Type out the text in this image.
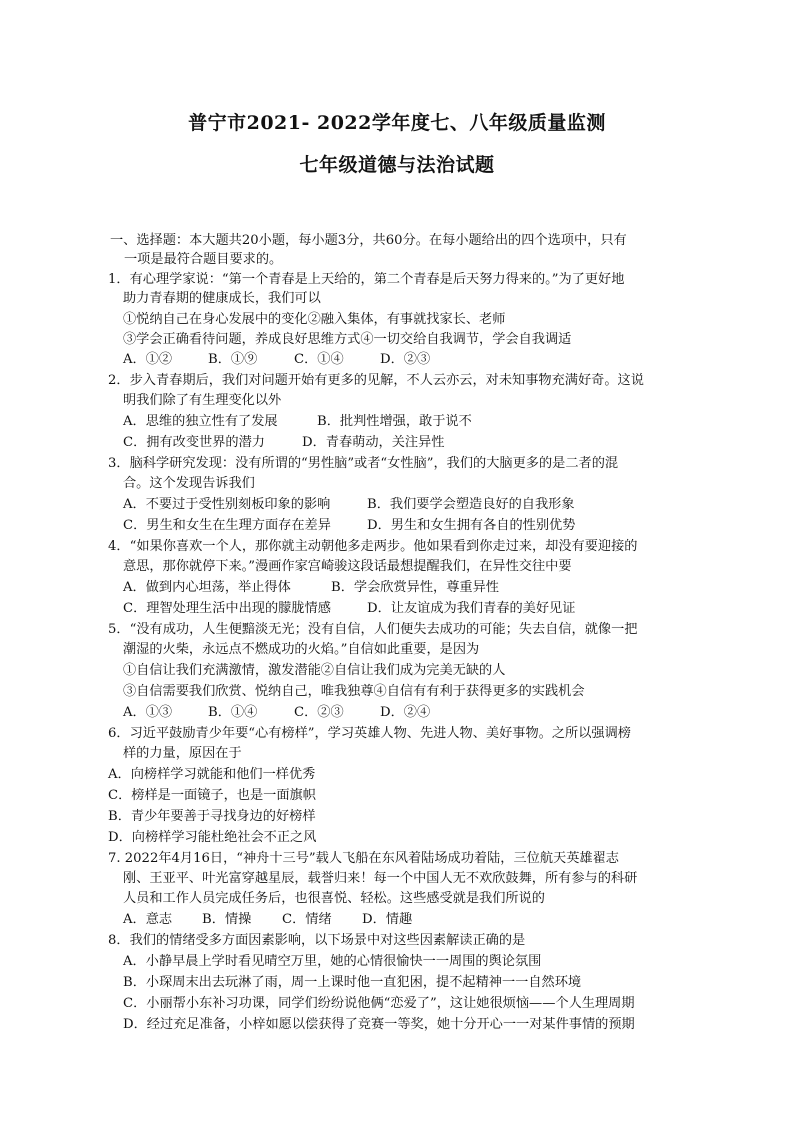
普宁市2021- 2022学年度七、八年级质量监测
七年级道德与法治试题
一、选择题：本大题共20小题，每小题3分，共60分。在每小题给出的四个选项中，只有
一项是最符合题目要求的。
1．有心理学家说：“第一个青春是上天给的，第二个青春是后天努力得来的。”为了更好地
助力青春期的健康成长，我们可以
①悦纳自己在身心发展中的变化②融入集体，有事就找家长、老师
③学会正确看待问题，养成良好思维方式④一切交给自我调节，学会自我调适
A．①②	B．①⑨	C．①④	D．②③
2．步入青春期后，我们对问题开始有更多的见解，不人云亦云，对未知事物充满好奇。这说
明我们除了有生理变化以外
A．思维的独立性有了发展	B．批判性增强，敢于说不
C．拥有改变世界的潜力	D．青春萌动，关注异性
3．脑科学研究发现：没有所谓的“男性脑”或者“女性脑”，我们的大脑更多的是二者的混
合。这个发现告诉我们
A．不要过于受性别刻板印象的影响	B．我们要学会塑造良好的自我形象
C．男生和女生在生理方面存在差异	D．男生和女生拥有各自的性别优势
4．“如果你喜欢一个人，那你就主动朝他多走两步。他如果看到你走过来，却没有要迎接的
意思，那你就停下来。”漫画作家宫崎骏这段话最想提醒我们，在异性交往中要
A．做到内心坦荡，举止得体	B．学会欣赏异性，尊重异性
C．理智处理生活中出现的朦胧情感	D．让友谊成为我们青春的美好见证
5．“没有成功，人生便黯淡无光；没有自信，人们便失去成功的可能；失去自信，就像一把
潮湿的火柴，永远点不燃成功的火焰。”自信如此重要，是因为
①自信让我们充满激情，激发潜能②自信让我们成为完美无缺的人
③自信需要我们欣赏、悦纳自己，唯我独尊④自信有有利于获得更多的实践机会
A．①③	B．①④	C．②③	D．②④
6．习近平鼓励青少年要“心有榜样”，学习英雄人物、先进人物、美好事物。之所以强调榜
样的力量，原因在于
A．向榜样学习就能和他们一样优秀
C．榜样是一面镜子，也是一面旗帜
B．青少年要善于寻找身边的好榜样
D．向榜样学习能杜绝社会不正之风
7. 2022年4月16日，“神舟十三号”载人飞船在东风着陆场成功着陆，三位航天英雄翟志
刚、王亚平、叶光富穿越星辰，载誉归来！每一个中国人无不欢欣鼓舞，所有参与的科研
人员和工作人员完成任务后，也很喜悦、轻松。这些感受就是我们所说的
A．意志 B．情操 C．情绪 D．情趣
8．我们的情绪受多方面因素影响，以下场景中对这些因素解读正确的是
A．小静早晨上学时看见晴空万里，她的心情很愉快一一周围的舆论氛围
B．小琛周末出去玩淋了雨，周一上课时他一直犯困，提不起精神一一自然环境
C．小丽帮小东补习功课，同学们纷纷说他俩“恋爱了”，这让她很烦恼——个人生理周期
D．经过充足准备，小梓如愿以偿获得了竞赛一等奖，她十分开心一一对某件事情的预期
